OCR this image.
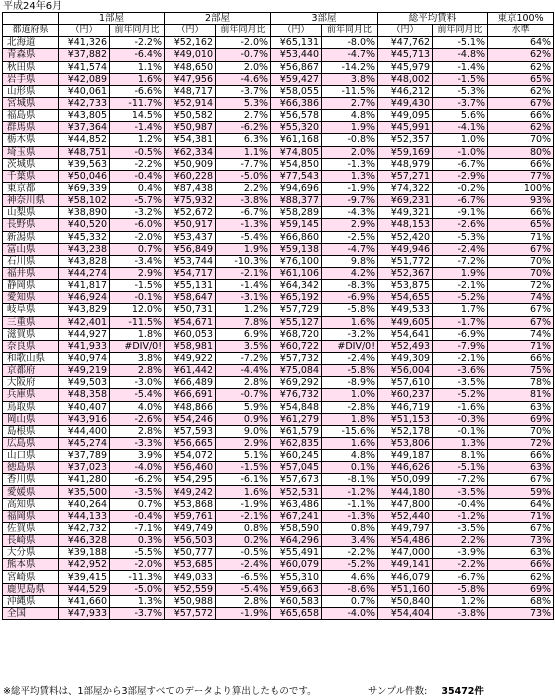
平成24年6月
	1部屋		2部屋		3部屋		総平均賃料		東京100%
都道府県	（円）	前年同月比	（円）	前年同月比	（円）	前年同月比	（円）	前年同月比	水準
北海道	¥41,326	-2.2%	¥52,162	-2.0%	¥65,131	-8.0%	¥47,762	-5.1%	64%
青森県	¥37,882	-6.4%	¥49,010	-0.7%	¥53,440	-4.7%	¥45,713	-4.8%	62%
秋田県	¥41,574	1.1%	¥48,650	2.0%	¥56,867	-14.2%	¥45,979	-1.4%	62%
岩手県	¥42,089	1.6%	¥47,956	-4.6%	¥59,427	3.8%	¥48,002	-1.5%	65%
山形県	¥40,061	-6.6%	¥48,717	-3.7%	¥58,055	-11.5%	¥46,212	-5.3%	62%
宮城県	¥42,733	-11.7%	¥52,914	5.3%	¥66,386	2.7%	¥49,430	-3.7%	67%
福島県	¥43,805	14.5%	¥50,582	2.7%	¥56,578	4.8%	¥49,095	5.6%	66%
群馬県	¥37,364	-1.4%	¥50,987	-6.2%	¥55,320	1.9%	¥45,991	-4.1%	62%
栃木県	¥44,852	1.2%	¥54,381	6.3%	¥61,168	-0.8%	¥52,357	1.0%	70%
埼玉県	¥48,751	-0.5%	¥62,334	1.1%	¥74,805	2.0%	¥59,169	-1.0%	80%
茨城県	¥39,563	-2.2%	¥50,909	-7.7%	¥54,850	-1.3%	¥48,979	-6.7%	66%
千葉県	¥50,046	-0.4%	¥60,228	-5.0%	¥77,543	1.3%	¥57,271	-2.9%	77%
東京都	¥69,339	0.4%	¥87,438	2.2%	¥94,696	-1.9%	¥74,322	-0.2%	100%
神奈川県	¥58,102	-5.7%	¥75,932	-3.8%	¥88,377	-9.7%	¥69,231	-6.7%	93%
山梨県	¥38,890	-3.2%	¥52,672	-6.7%	¥58,289	-4.3%	¥49,321	-9.1%	66%
長野県	¥40,520	-6.0%	¥50,917	-1.3%	¥59,145	2.9%	¥48,153	-2.6%	65%
新潟県	¥45,332	-2.0%	¥53,437	-5.4%	¥66,860	-2.5%	¥52,420	-5.3%	71%
富山県	¥43,238	0.7%	¥56,849	1.9%	¥59,138	-4.7%	¥49,946	-2.4%	67%
石川県	¥43,828	-3.4%	¥53,744	-10.3%	¥76,100	9.8%	¥51,772	-7.2%	70%
福井県	¥44,274	2.9%	¥54,717	-2.1%	¥61,106	4.2%	¥52,367	1.9%	70%
静岡県	¥41,817	-1.5%	¥55,131	-1.4%	¥64,342	-8.3%	¥53,875	-2.1%	72%
愛知県	¥46,924	-0.1%	¥58,647	-3.1%	¥65,192	-6.9%	¥54,655	-5.2%	74%
岐阜県	¥43,829	12.0%	¥50,731	1.2%	¥57,729	-5.8%	¥49,533	1.7%	67%
三重県	¥42,401	-11.5%	¥54,671	7.8%	¥55,127	1.6%	¥49,605	-1.7%	67%
滋賀県	¥44,927	1.8%	¥60,053	6.9%	¥68,720	-3.2%	¥54,641	-6.9%	74%
奈良県	¥41,933	#DIV/0!	¥58,981	3.5%	¥60,722	#DIV/0!	¥52,493	-7.9%	71%
和歌山県	¥40,974	3.8%	¥49,922	-7.2%	¥57,732	-2.4%	¥49,309	-2.1%	66%
京都府	¥49,219	2.8%	¥61,442	-4.4%	¥75,084	-5.8%	¥56,004	-3.6%	75%
大阪府	¥49,503	-3.0%	¥66,489	2.8%	¥69,292	-8.9%	¥57,610	-3.5%	78%
兵庫県	¥48,358	-5.4%	¥66,691	-0.7%	¥76,732	1.0%	¥60,237	-5.2%	81%
鳥取県	¥40,407	4.0%	¥48,866	5.9%	¥54,848	-2.8%	¥46,719	-1.6%	63%
岡山県	¥43,916	-2.6%	¥54,246	0.9%	¥61,279	1.8%	¥51,153	-0.3%	69%
島根県	¥44,400	2.8%	¥57,593	9.0%	¥61,579	-15.6%	¥52,178	-0.1%	70%
広島県	¥45,274	-3.3%	¥56,665	2.9%	¥62,835	1.6%	¥53,806	1.3%	72%
山口県	¥37,789	3.9%	¥54,072	5.1%	¥60,245	4.8%	¥49,187	8.1%	66%
徳島県	¥37,023	-4.0%	¥56,460	-1.5%	¥57,045	0.1%	¥46,626	-5.1%	63%
香川県	¥41,280	-6.2%	¥54,295	-6.1%	¥57,673	-8.1%	¥50,099	-7.2%	67%
愛媛県	¥35,500	-3.5%	¥49,242	1.6%	¥52,531	-1.2%	¥44,180	-3.5%	59%
高知県	¥40,264	0.7%	¥53,868	-1.9%	¥63,486	-1.1%	¥47,800	-0.4%	64%
福岡県	¥44,133	-0.4%	¥59,761	-2.1%	¥67,241	-1.3%	¥52,440	-1.2%	71%
佐賀県	¥42,732	-7.1%	¥49,749	0.8%	¥58,590	0.8%	¥49,797	-3.5%	67%
長崎県	¥46,328	0.3%	¥56,503	0.2%	¥64,296	3.4%	¥54,486	2.2%	73%
大分県	¥39,188	-5.5%	¥50,777	-0.5%	¥55,491	-2.2%	¥47,000	-3.9%	63%
熊本県	¥42,952	-2.0%	¥53,685	-2.4%	¥60,079	-5.2%	¥49,141	-2.2%	66%
宮崎県	¥39,415	-11.3%	¥49,033	-6.5%	¥55,310	4.6%	¥46,079	-6.7%	62%
鹿児島県	¥44,529	-5.0%	¥52,559	-5.4%	¥59,663	-8.6%	¥51,160	-5.8%	69%
沖縄県	¥41,660	1.3%	¥50,988	2.8%	¥60,583	0.7%	¥50,840	1.2%	68%
全国	¥47,933	-3.7%	¥57,572	-1.9%	¥65,658	-4.0%	¥54,404	-3.8%	73%
※総平均賃料は、1部屋から3部屋すべてのデータより算出したものです。	サンプル件数: 35472件
